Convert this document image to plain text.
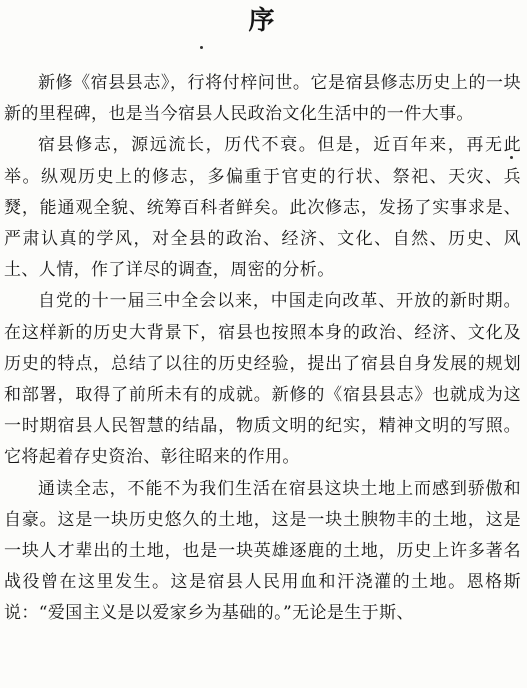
序

新修《宿县县志》，行将付梓问世。它是宿县修志历史上的一块新的里程碑，也是当今宿县人民政治文化生活中的一件大事。

宿县修志，源远流长，历代不衰。但是，近百年来，再无此举。纵观历史上的修志，多偏重于官吏的行状、祭祀、天灾、兵燹，能通观全貌、统筹百科者鲜矣。此次修志，发扬了实事求是、严肃认真的学风，对全县的政治、经济、文化、自然、历史、风土、人情，作了详尽的调查，周密的分析。

自党的十一届三中全会以来，中国走向改革、开放的新时期。在这样新的历史大背景下，宿县也按照本身的政治、经济、文化及历史的特点，总结了以往的历史经验，提出了宿县自身发展的规划和部署，取得了前所未有的成就。新修的《宿县县志》也就成为这一时期宿县人民智慧的结晶，物质文明的纪实，精神文明的写照。它将起着存史资治、彰往昭来的作用。

通读全志，不能不为我们生活在宿县这块土地上而感到骄傲和自豪。这是一块历史悠久的土地，这是一块土腴物丰的土地，这是一块人才辈出的土地，也是一块英雄逐鹿的土地，历史上许多著名战役曾在这里发生。这是宿县人民用血和汗浇灌的土地。恩格斯说：“爱国主义是以爱家乡为基础的。”无论是生于斯、
